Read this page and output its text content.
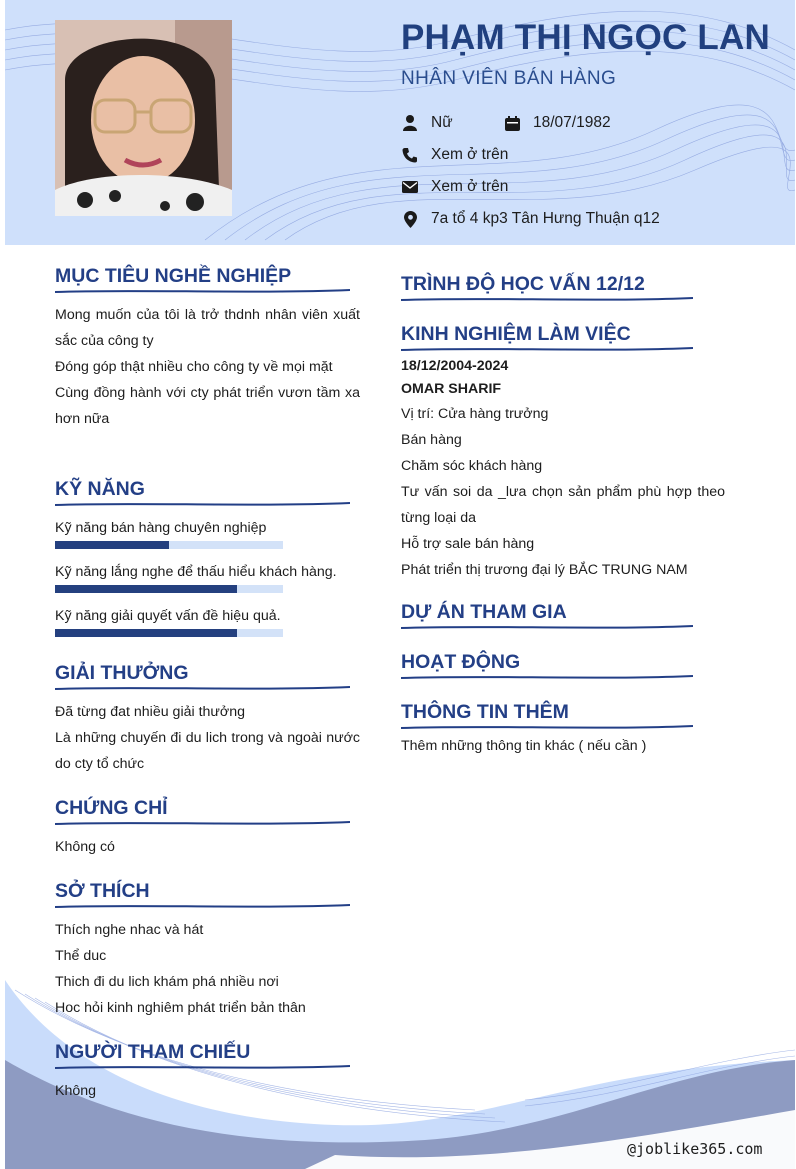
PHẠM THỊ NGỌC LAN
NHÂN VIÊN BÁN HÀNG
Nữ	18/07/1982
Xem ở trên
Xem ở trên
7a tổ 4 kp3 Tân Hưng Thuận q12
MỤC TIÊU NGHỀ NGHIỆP
Mong muốn của tôi là trở thdnh nhân viên xuất sắc của công ty
Đóng góp thật nhiều cho công ty về mọi mặt
Cùng đồng hành với cty phát triển vươn tầm xa hơn nữa
KỸ NĂNG
Kỹ năng bán hàng chuyên nghiệp
Kỹ năng lắng nghe để thấu hiểu khách hàng.
Kỹ năng giải quyết vấn đề hiệu quả.
GIẢI THƯỞNG
Đã từng đat nhiều giải thưởng
Là những chuyến đi du lich trong và ngoài nước do cty tổ chức
CHỨNG CHỈ
Không có
SỞ THÍCH
Thích nghe nhac và hát
Thể duc
Thich đi du lich khám phá nhiều nơi
Hoc hỏi kinh nghiêm phát triển bản thân
NGƯỜI THAM CHIẾU
Không
TRÌNH ĐỘ HỌC VẤN 12/12
KINH NGHIỆM LÀM VIỆC
18/12/2004-2024
OMAR SHARIF
Vị trí: Cửa hàng trưởng
Bán hàng
Chăm sóc khách hàng
Tư vấn soi da _lưa chọn sản phẩm phù hợp theo từng loại da
Hỗ trợ sale bán hàng
Phát triển thị trương đại lý BẮC TRUNG NAM
DỰ ÁN THAM GIA
HOẠT ĐỘNG
THÔNG TIN THÊM
Thêm những thông tin khác ( nếu cần )
@joblike365.com
